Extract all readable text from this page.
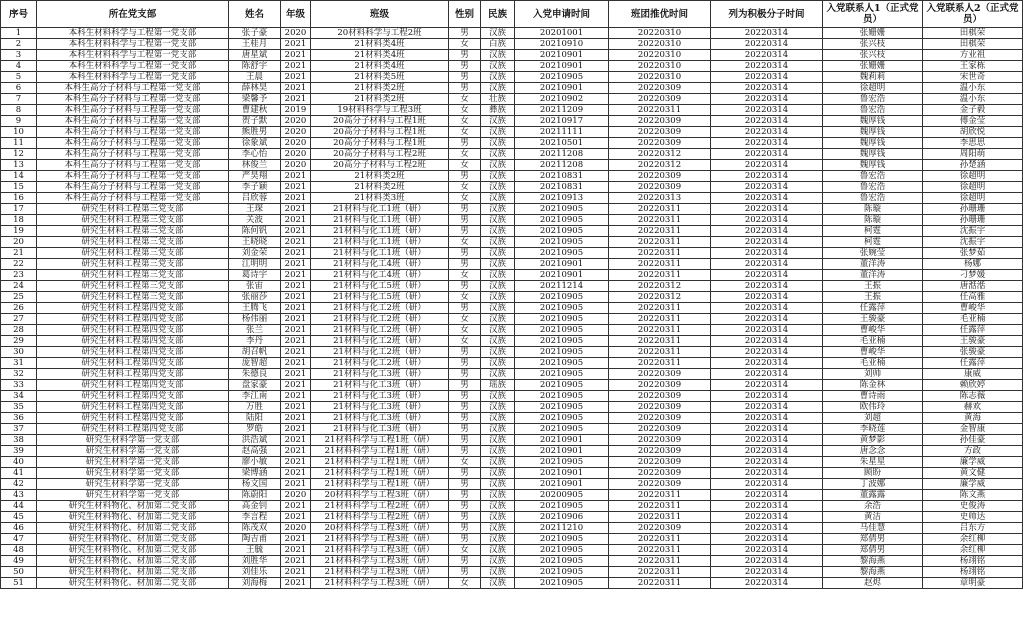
序号	所在党支部	姓名	年级	班级	性别	民族	入党申请时间	班团推优时间	列为积极分子时间	入党联系人1（正式党员）	入党联系人2（正式党员）
1	本科生材料科学与工程第一党支部	张子豪	2020	20材料科学与工程2班	男	汉族	20201001	20220310	20220314	张姗姗	田棋荣
2	本科生材料科学与工程第一党支部	王桂月	2021	21材料类4班	女	白族	20210910	20220310	20220314	张兴枝	田棋荣
3	本科生材料科学与工程第一党支部	唐星斌	2021	21材料类4班	男	汉族	20210901	20220310	20220314	张兴枝	方业祖
4	本科生材料科学与工程第一党支部	陈舒宇	2021	21材料类4班	男	汉族	20210901	20220310	20220314	张姗姗	王家栋
5	本科生材料科学与工程第一党支部	王晨	2021	21材料类5班	男	汉族	20210905	20220310	20220314	魏莉莉	宋世奇
6	本科生高分子材料与工程第一党支部	薛林昊	2021	21材料类2班	男	汉族	20210901	20220309	20220314	徐超明	温小东
7	本科生高分子材料与工程第一党支部	梁馨予	2021	21材料类2班	女	壮族	20210902	20220309	20220314	鲁宏浩	温小东
8	本科生高分子材料与工程第一党支部	曹建秋	2019	19材料科学与工程3班	女	彝族	20211209	20220311	20220314	鲁宏浩	金子毅
9	本科生高分子材料与工程第一党支部	贺子默	2020	20高分子材料与工程1班	女	汉族	20210917	20220309	20220314	魏厚钱	傅金莹
10	本科生高分子材料与工程第一党支部	熊胜男	2020	20高分子材料与工程1班	女	汉族	20211111	20220309	20220314	魏厚钱	胡欣悦
11	本科生高分子材料与工程第一党支部	徐象斌	2020	20高分子材料与工程1班	男	汉族	20210501	20220309	20220314	魏厚钱	李思思
12	本科生高分子材料与工程第一党支部	李心怡	2020	20高分子材料与工程2班	女	汉族	20211208	20220312	20220314	魏厚钱	周阳萌
13	本科生高分子材料与工程第一党支部	林俊兰	2020	20高分子材料与工程2班	女	汉族	20211208	20220312	20220314	魏厚钱	孙楚涵
14	本科生高分子材料与工程第一党支部	严昊翔	2021	21材料类2班	男	汉族	20210831	20220309	20220314	鲁宏浩	徐超明
15	本科生高分子材料与工程第一党支部	李子颖	2021	21材料类2班	女	汉族	20210831	20220309	20220314	鲁宏浩	徐超明
16	本科生高分子材料与工程第一党支部	吕欣蓉	2021	21材料类3班	女	汉族	20210913	20220313	20220314	鲁宏浩	徐超明
17	研究生材料工程第三党支部	王琛	2021	21材料与化工1班（研）	男	汉族	20210905	20220311	20220314	陈璇	孙珊珊
18	研究生材料工程第三党支部	关波	2021	21材料与化工1班（研）	男	汉族	20210905	20220311	20220314	陈璇	孙珊珊
19	研究生材料工程第三党支部	陈何钒	2021	21材料与化工1班（研）	男	汉族	20210905	20220311	20220314	柯霆	沈振宇
20	研究生材料工程第三党支部	王晓晓	2021	21材料与化工1班（研）	女	汉族	20210905	20220311	20220314	柯霆	沈振宇
21	研究生材料工程第三党支部	刘金荣	2021	21材料与化工1班（研）	男	汉族	20210905	20220311	20220314	张婉莹	张梦茹
22	研究生材料工程第三党支部	江明明	2021	21材料与化工4班（研）	男	汉族	20210901	20220311	20220314	董洋涛	杨娜
23	研究生材料工程第三党支部	葛诗宇	2021	21材料与化工4班（研）	女	汉族	20210901	20220311	20220314	董洋涛	刁梦媛
24	研究生材料工程第三党支部	张宙	2021	21材料与化工5班（研）	男	汉族	20211214	20220312	20220314	王振	唐湉湉
25	研究生材料工程第三党支部	张丽莎	2021	21材料与化工5班（研）	女	汉族	20210905	20220312	20220314	王振	任高雅
26	研究生材料工程第四党支部	王腾飞	2021	21材料与化工2班（研）	男	汉族	20210905	20220311	20220314	任露萍	曹峻华
27	研究生材料工程第四党支部	杨伟丽	2021	21材料与化工2班（研）	女	汉族	20210905	20220311	20220314	王骏豪	毛亚楠
28	研究生材料工程第四党支部	张兰	2021	21材料与化工2班（研）	女	汉族	20210905	20220311	20220314	曹峻华	任露萍
29	研究生材料工程第四党支部	李丹	2021	21材料与化工2班（研）	女	汉族	20210905	20220311	20220314	毛亚楠	王骏豪
30	研究生材料工程第四党支部	胡召帆	2021	21材料与化工2班（研）	男	汉族	20210905	20220311	20220314	曹峻华	张骏豪
31	研究生材料工程第四党支部	庞智超	2021	21材料与化工2班（研）	男	汉族	20210905	20220311	20220314	毛亚楠	任露萍
32	研究生材料工程第四党支部	朱德良	2021	21材料与化工3班（研）	男	汉族	20210905	20220309	20220314	刘帅	康威
33	研究生材料工程第四党支部	盘家豪	2021	21材料与化工3班（研）	男	瑶族	20210905	20220309	20220314	陈金林	赖欣婷
34	研究生材料工程第四党支部	李江南	2021	21材料与化工3班（研）	男	汉族	20210905	20220309	20220314	曹诗雨	陈志薇
35	研究生材料工程第四党支部	万胜	2021	21材料与化工3班（研）	男	汉族	20210905	20220309	20220314	欧伟玲	赫欢
36	研究生材料工程第四党支部	陆阳	2021	21材料与化工3班（研）	男	汉族	20210905	20220309	20220314	刘超	黄海
37	研究生材料工程第四党支部	罗皓	2021	21材料与化工3班（研）	男	汉族	20210905	20220309	20220314	李晓莲	金智康
38	研究生材料学第一党支部	洪浩斌	2021	21材料科学与工程1班（研）	男	汉族	20210901	20220309	20220314	黄梦影	孙佳豪
39	研究生材料学第一党支部	赵高强	2021	21材料科学与工程1班（研）	男	汉族	20210901	20220309	20220314	唐念念	方政
40	研究生材料学第一党支部	廖小敏	2021	21材料科学与工程1班（研）	女	汉族	20210905	20220309	20220314	朱星星	廉学威
41	研究生材料学第一党支部	梁博涵	2021	21材料科学与工程1班（研）	男	汉族	20210901	20220309	20220314	顾盼	黄文健
42	研究生材料学第一党支部	杨文国	2021	21材料科学与工程1班（研）	男	汉族	20210901	20220309	20220314	丁波娜	廉学威
43	研究生材料学第一党支部	陈蔚阳	2020	20材料科学与工程3班（研）	男	汉族	20200905	20220311	20220314	董露露	陈文燕
44	研究生材料物化、材加第二党支部	高金钊	2021	21材料科学与工程2班（研）	男	汉族	20210905	20220311	20220314	余浩	史俊涛
45	研究生材料物化、材加第二党支部	李言程	2021	21材料科学与工程2班（研）	男	汉族	20210906	20220311	20220314	黄洁	史帅达
46	研究生材料物化、材加第二党支部	陈茂双	2020	20材料科学与工程3班（研）	男	汉族	20211210	20220309	20220314	马佳慧	吕东方
47	研究生材料物化、材加第二党支部	陶吉甫	2021	21材料科学与工程3班（研）	男	汉族	20210905	20220311	20220314	郑倩男	余红柳
48	研究生材料物化、材加第二党支部	王毓	2021	21材料科学与工程3班（研）	女	汉族	20210905	20220311	20220314	郑倩男	余红柳
49	研究生材料物化、材加第二党支部	刘胜华	2021	21材料科学与工程3班（研）	男	汉族	20210905	20220311	20220314	黎海燕	杨翊铭
50	研究生材料物化、材加第二党支部	刘佳乐	2021	21材料科学与工程3班（研）	男	汉族	20210905	20220311	20220314	黎海燕	杨翊铭
51	研究生材料物化、材加第二党支部	刘海梅	2021	21材料科学与工程3班（研）	女	汉族	20210905	20220311	20220314	赵烬	章明豪
